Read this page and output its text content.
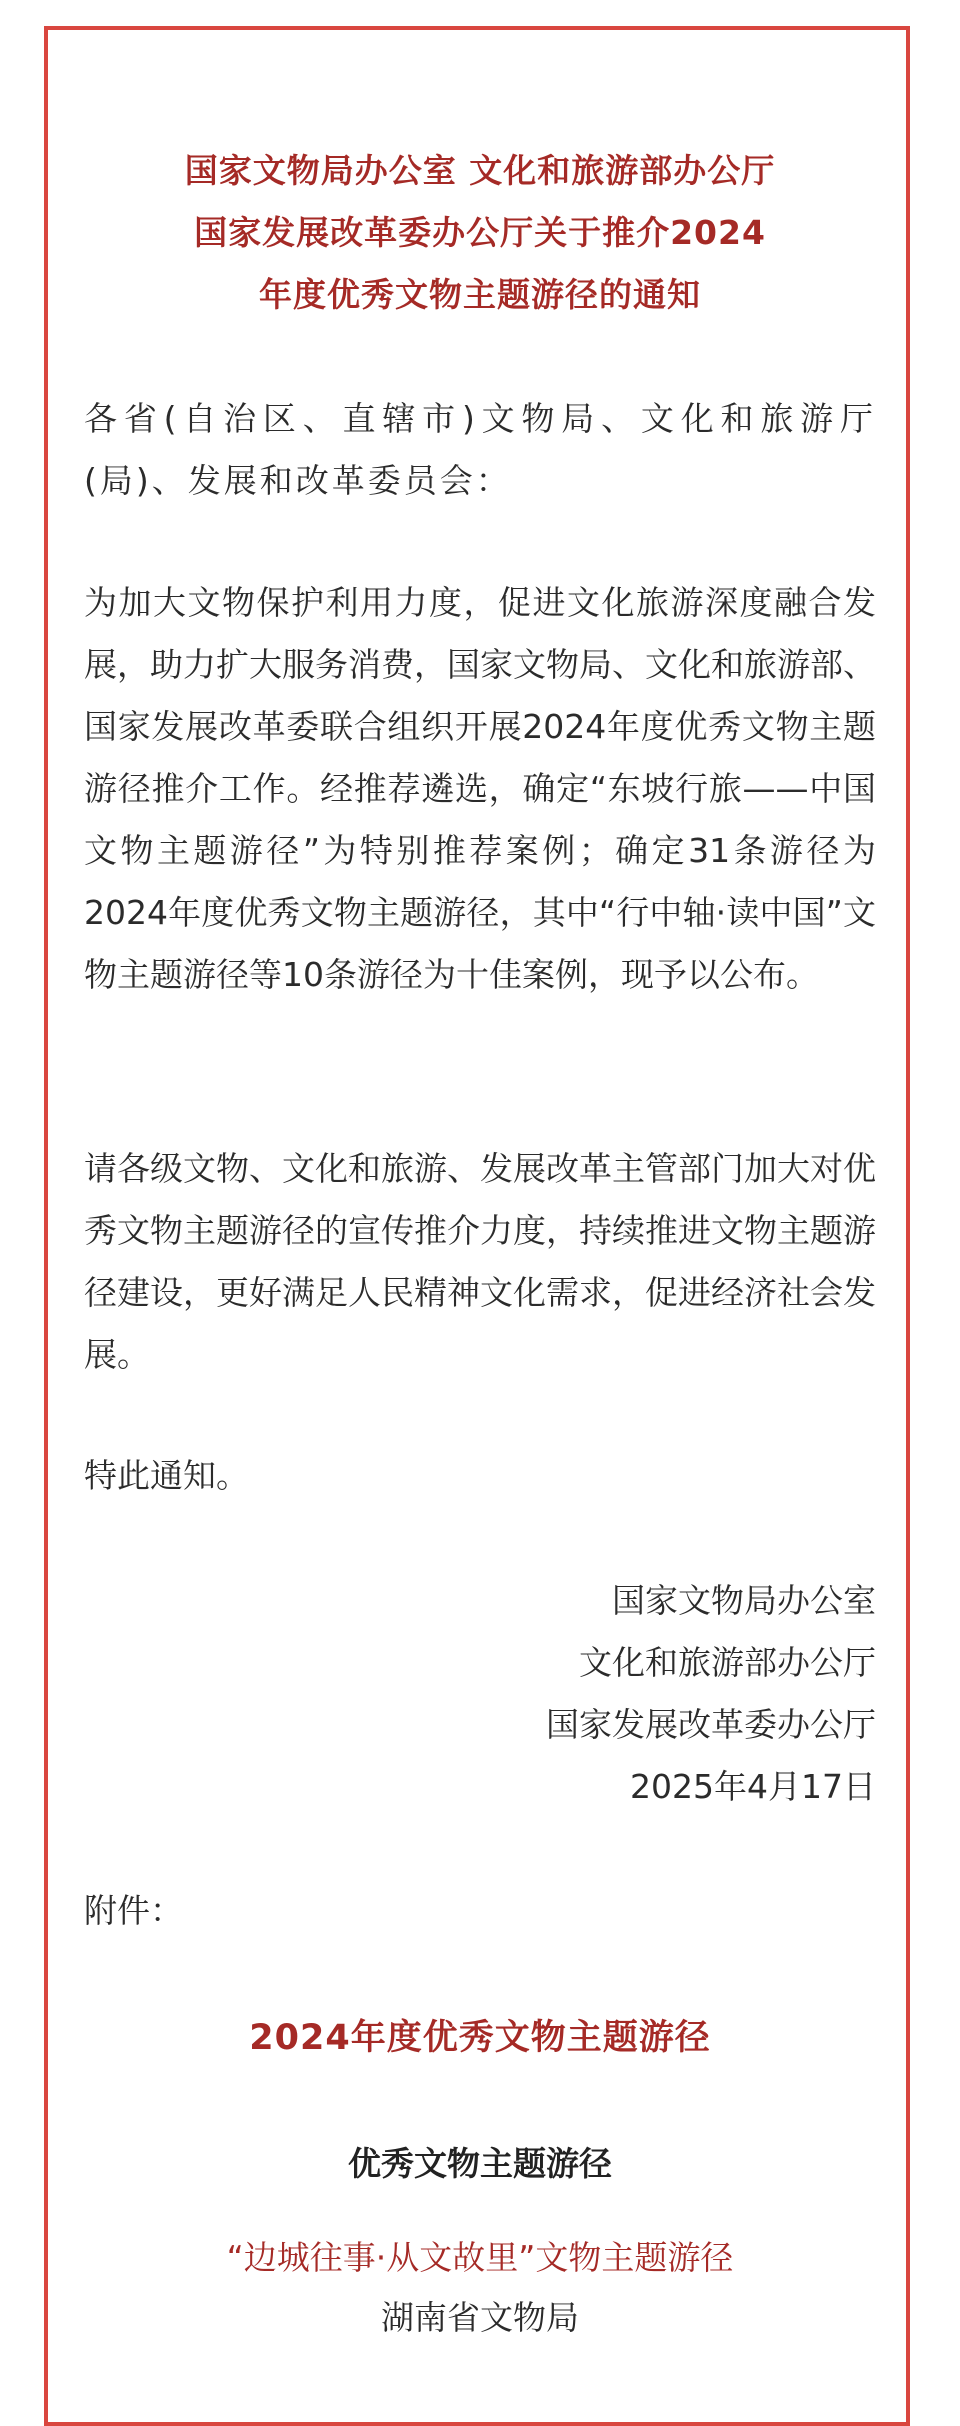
国家文物局办公室 文化和旅游部办公厅
国家发展改革委办公厅关于推介2024
年度优秀文物主题游径的通知

各省(自治区、直辖市)文物局、文化和旅游厅(局)、发展和改革委员会：

为加大文物保护利用力度，促进文化旅游深度融合发展，助力扩大服务消费，国家文物局、文化和旅游部、国家发展改革委联合组织开展2024年度优秀文物主题游径推介工作。经推荐遴选，确定“东坡行旅——中国文物主题游径”为特别推荐案例；确定31条游径为2024年度优秀文物主题游径，其中“行中轴·读中国”文物主题游径等10条游径为十佳案例，现予以公布。

请各级文物、文化和旅游、发展改革主管部门加大对优秀文物主题游径的宣传推介力度，持续推进文物主题游径建设，更好满足人民精神文化需求，促进经济社会发展。

特此通知。

国家文物局办公室
文化和旅游部办公厅
国家发展改革委办公厅
2025年4月17日
附件：
2024年度优秀文物主题游径
优秀文物主题游径
“边城往事·从文故里”文物主题游径
湖南省文物局
